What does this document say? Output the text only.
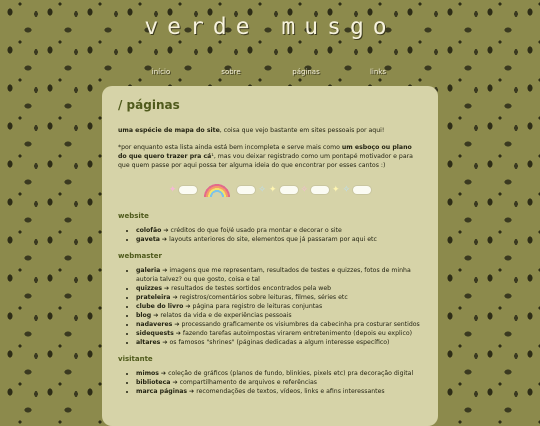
verde musgo
início	sobre	páginas	links
/ páginas

uma espécie de mapa do site, coisa que vejo bastante em sites pessoais por aqui!

*por enquanto esta lista ainda está bem incompleta e serve mais como um esboço ou plano do que quero trazer pra cá¹, mas vou deixar registrado como um pontapé motivador e para que quem passe por aqui possa ter alguma ideia do que encontrar por esses cantos :)

✦	✧ ✦	✧	✦ ✧
website
• colofão ➔ créditos do que foi/é usado pra montar e decorar o site
• gaveta ➔ layouts anteriores do site, elementos que já passaram por aqui etc
webmaster
• galeria ➔ imagens que me representam, resultados de testes e quizzes, fotos de minha autoria talvez? ou que gosto, coisa e tal
• quizzes ➔ resultados de testes sortidos encontrados pela web
• prateleira ➔ registros/comentários sobre leituras, filmes, séries etc
• clube do livro ➔ página para registro de leituras conjuntas
• blog ➔ relatos da vida e de experiências pessoais
• nadaveres ➔ processando graficamente os visiumbres da cabecinha pra costurar sentidos
• sidequests ➔ fazendo tarefas autoimpostas virarem entretenimento (depois eu explico)
• altares ➔ os famosos "shrines" (páginas dedicadas a algum interesse específico)
visitante
• mimos ➔ coleção de gráficos (planos de fundo, blinkies, pixels etc) pra decoração digital
• biblioteca ➔ compartilhamento de arquivos e referências
• marca páginas ➔ recomendações de textos, vídeos, links e afins interessantes
